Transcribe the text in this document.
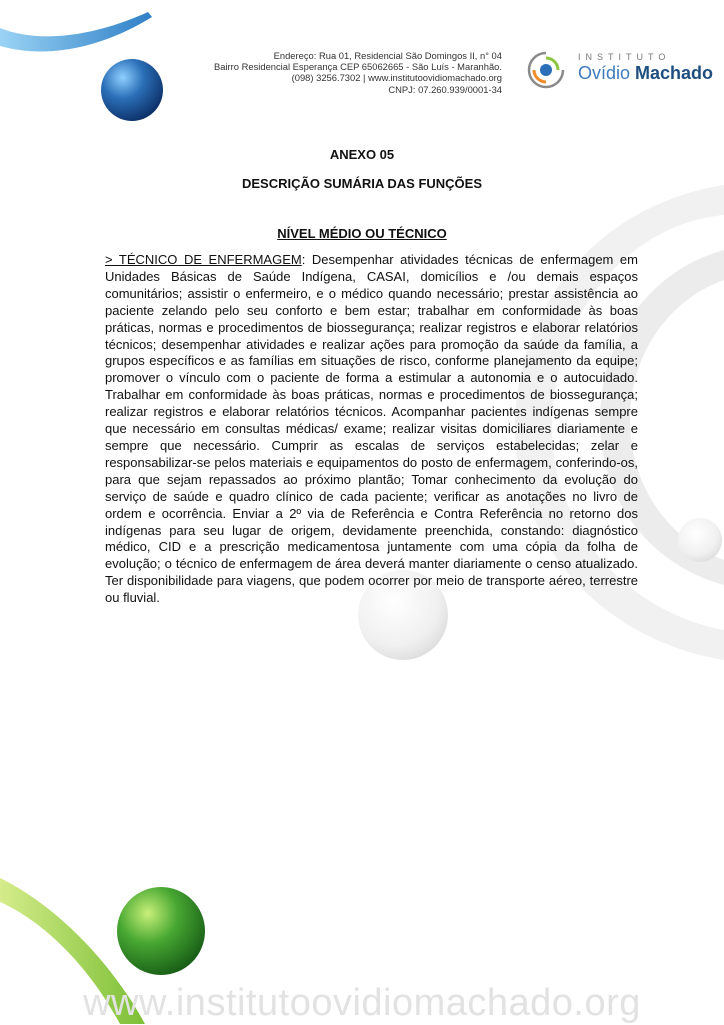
Endereço: Rua 01, Residencial São Domingos II, n° 04
Bairro Residencial Esperança CEP 65062665 - São Luís - Maranhão.
(098) 3256.7302 | www.institutoovidiomachado.org
CNPJ: 07.260.939/0001-34
INSTITUTO
Ovídio Machado
ANEXO 05
DESCRIÇÃO SUMÁRIA DAS FUNÇÕES
NÍVEL MÉDIO OU TÉCNICO
> TÉCNICO DE ENFERMAGEM: Desempenhar atividades técnicas de enfermagem em Unidades Básicas de Saúde Indígena, CASAI, domicílios e /ou demais espaços comunitários; assistir o enfermeiro, e o médico quando necessário; prestar assistência ao paciente zelando pelo seu conforto e bem estar; trabalhar em conformidade às boas práticas, normas e procedimentos de biossegurança; realizar registros e elaborar relatórios técnicos; desempenhar atividades e realizar ações para promoção da saúde da família, a grupos específicos e as famílias em situações de risco, conforme planejamento da equipe; promover o vínculo com o paciente de forma a estimular a autonomia e o autocuidado. Trabalhar em conformidade às boas práticas, normas e procedimentos de biossegurança; realizar registros e elaborar relatórios técnicos. Acompanhar pacientes indígenas sempre que necessário em consultas médicas/ exame; realizar visitas domiciliares diariamente e sempre que necessário. Cumprir as escalas de serviços estabelecidas; zelar e responsabilizar-se pelos materiais e equipamentos do posto de enfermagem, conferindo-os, para que sejam repassados ao próximo plantão; Tomar conhecimento da evolução do serviço de saúde e quadro clínico de cada paciente; verificar as anotações no livro de ordem e ocorrência. Enviar a 2º via de Referência e Contra Referência no retorno dos indígenas para seu lugar de origem, devidamente preenchida, constando: diagnóstico médico, CID e a prescrição medicamentosa juntamente com uma cópia da folha de evolução; o técnico de enfermagem de área deverá manter diariamente o censo atualizado. Ter disponibilidade para viagens, que podem ocorrer por meio de transporte aéreo, terrestre ou fluvial.
www.institutoovidiomachado.org
